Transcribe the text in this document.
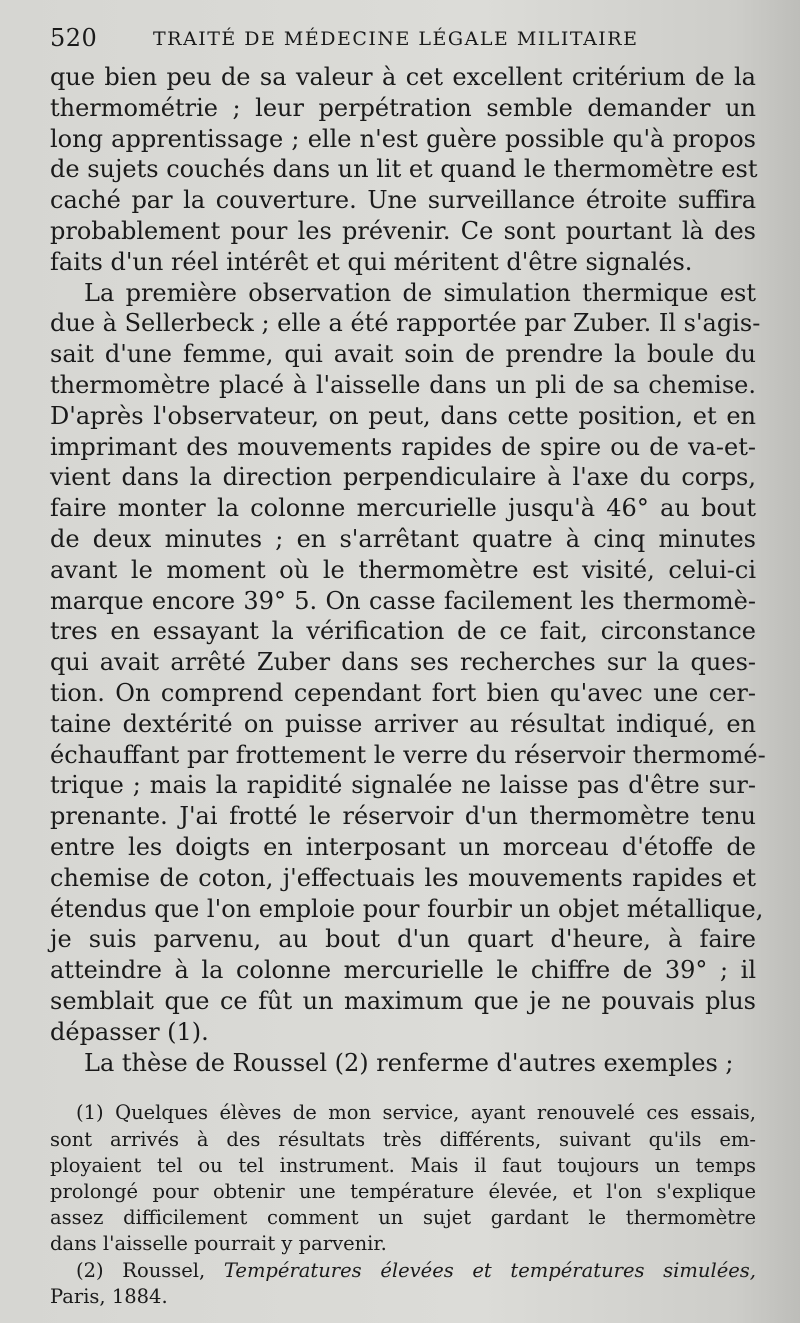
520	TRAITÉ DE MÉDECINE LÉGALE MILITAIRE

que bien peu de sa valeur à cet excellent critérium de la
thermométrie ; leur perpétration semble demander un
long apprentissage ; elle n'est guère possible qu'à propos
de sujets couchés dans un lit et quand le thermomètre est
caché par la couverture. Une surveillance étroite suffira
probablement pour les prévenir. Ce sont pourtant là des
faits d'un réel intérêt et qui méritent d'être signalés.

La première observation de simulation thermique est
due à Sellerbeck ; elle a été rapportée par Zuber. Il s'agis-
sait d'une femme, qui avait soin de prendre la boule du
thermomètre placé à l'aisselle dans un pli de sa chemise.
D'après l'observateur, on peut, dans cette position, et en
imprimant des mouvements rapides de spire ou de va-et-
vient dans la direction perpendiculaire à l'axe du corps,
faire monter la colonne mercurielle jusqu'à 46° au bout
de deux minutes ; en s'arrêtant quatre à cinq minutes
avant le moment où le thermomètre est visité, celui-ci
marque encore 39° 5. On casse facilement les thermomè-
tres en essayant la vérification de ce fait, circonstance
qui avait arrêté Zuber dans ses recherches sur la ques-
tion. On comprend cependant fort bien qu'avec une cer-
taine dextérité on puisse arriver au résultat indiqué, en
échauffant par frottement le verre du réservoir thermomé-
trique ; mais la rapidité signalée ne laisse pas d'être sur-
prenante. J'ai frotté le réservoir d'un thermomètre tenu
entre les doigts en interposant un morceau d'étoffe de
chemise de coton, j'effectuais les mouvements rapides et
étendus que l'on emploie pour fourbir un objet métallique,
je suis parvenu, au bout d'un quart d'heure, à faire
atteindre à la colonne mercurielle le chiffre de 39° ; il
semblait que ce fût un maximum que je ne pouvais plus
dépasser (1).

La thèse de Roussel (2) renferme d'autres exemples ;

(1) Quelques élèves de mon service, ayant renouvelé ces essais,
sont arrivés à des résultats très différents, suivant qu'ils em-
ployaient tel ou tel instrument. Mais il faut toujours un temps
prolongé pour obtenir une température élevée, et l'on s'explique
assez difficilement comment un sujet gardant le thermomètre
dans l'aisselle pourrait y parvenir.
(2) Roussel, Températures élevées et températures simulées,
Paris, 1884.
